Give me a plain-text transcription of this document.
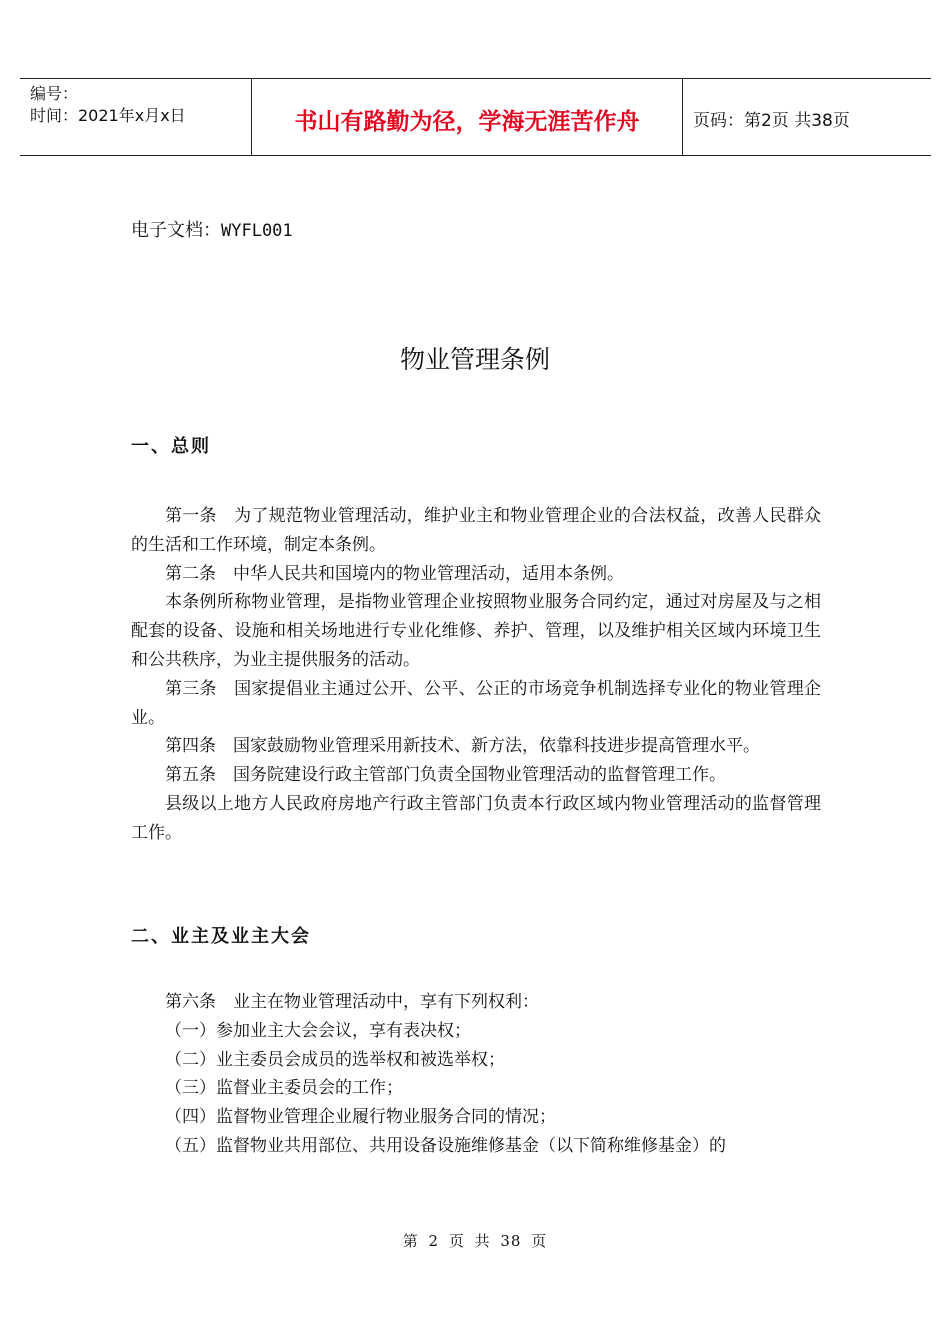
编号：
时间：2021年x月x日	书山有路勤为径，学海无涯苦作舟	页码：第2页 共38页
电子文档：WYFL001
物业管理条例
一、总则

第一条　为了规范物业管理活动，维护业主和物业管理企业的合法权益，改善人民群众的生活和工作环境，制定本条例。

第二条　中华人民共和国境内的物业管理活动，适用本条例。

本条例所称物业管理，是指物业管理企业按照物业服务合同约定，通过对房屋及与之相配套的设备、设施和相关场地进行专业化维修、养护、管理，以及维护相关区域内环境卫生和公共秩序，为业主提供服务的活动。

第三条　国家提倡业主通过公开、公平、公正的市场竞争机制选择专业化的物业管理企业。

第四条　国家鼓励物业管理采用新技术、新方法，依靠科技进步提高管理水平。

第五条　国务院建设行政主管部门负责全国物业管理活动的监督管理工作。

县级以上地方人民政府房地产行政主管部门负责本行政区域内物业管理活动的监督管理工作。

二、业主及业主大会

第六条　业主在物业管理活动中，享有下列权利：

（一）参加业主大会会议，享有表决权；

（二）业主委员会成员的选举权和被选举权；

（三）监督业主委员会的工作；

（四）监督物业管理企业履行物业服务合同的情况；

（五）监督物业共用部位、共用设备设施维修基金（以下简称维修基金）的

第 2 页 共 38 页
